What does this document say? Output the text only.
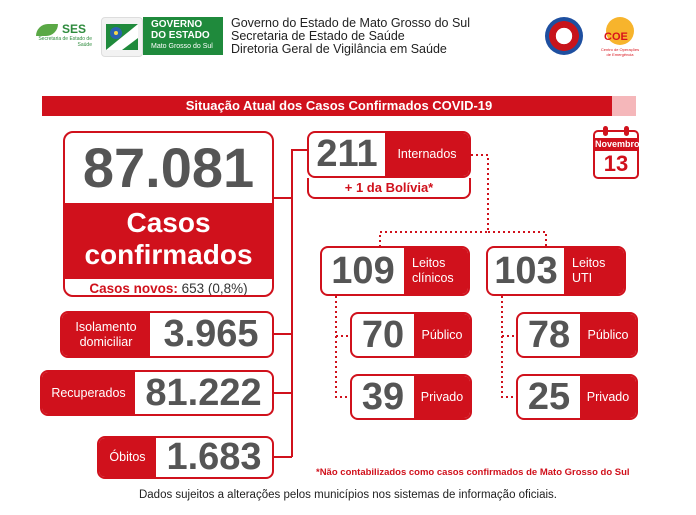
SES
Secretaria de Estado de Saúde
GOVERNO
DO ESTADO
Mato Grosso do Sul
Governo do Estado de Mato Grosso do Sul
Secretaria de Estado de Saúde
Diretoria Geral de Vigilância em Saúde
COE
Centro de Operações de Emergência
Situação Atual dos Casos Confirmados COVID-19
87.081
Casos
confirmados
Casos novos: 653 (0,8%)
Isolamento domiciliar 3.965
Recuperados 81.222
Óbitos 1.683
211	Internados
+ 1 da Bolívia*
109	Leitos clínicos
70	Público
39	Privado
103	Leitos UTI
78	Público
25	Privado
Novembro
13
*Não contabilizados como casos confirmados de Mato Grosso do Sul
Dados sujeitos a alterações pelos municípios nos sistemas de informação oficiais.
